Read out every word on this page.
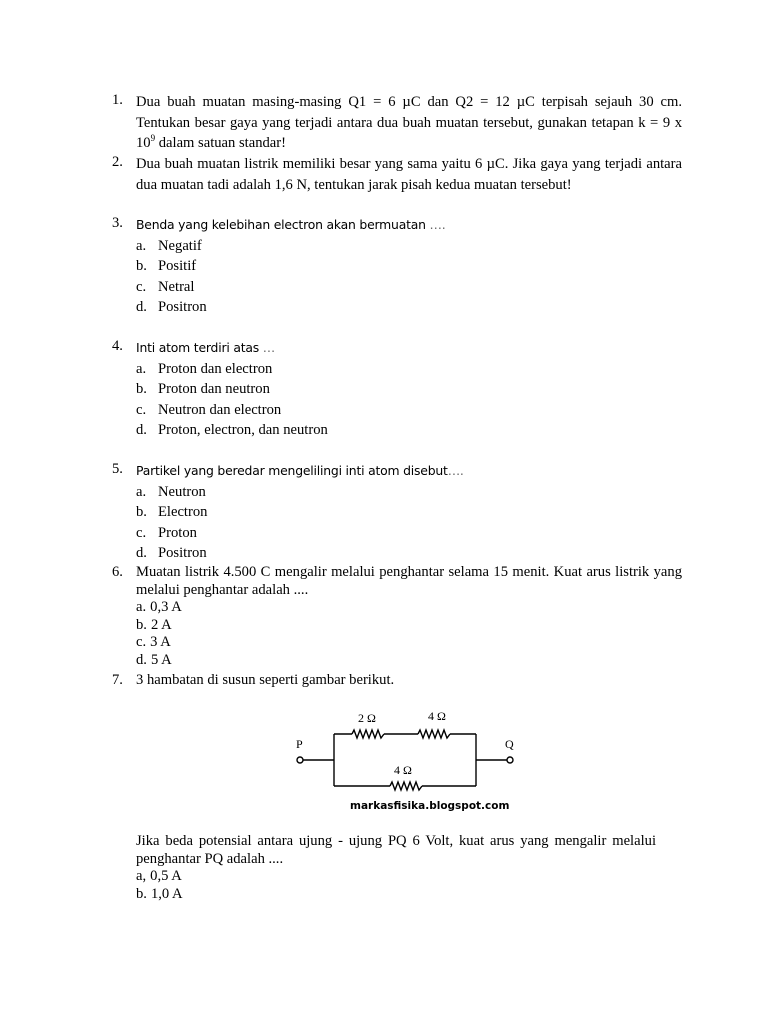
1. Dua buah muatan masing-masing Q1 = 6 µC dan Q2 = 12 µC terpisah sejauh 30 cm. Tentukan besar gaya yang terjadi antara dua buah muatan tersebut, gunakan tetapan k = 9 x $10^9$ dalam satuan standar!
2. Dua buah muatan listrik memiliki besar yang sama yaitu 6 µC. Jika gaya yang terjadi antara dua muatan tadi adalah 1,6 N, tentukan jarak pisah kedua muatan tersebut!
3. Benda yang kelebihan electron akan bermuatan ….
a. Negatif
b. Positif
c. Netral
d. Positron
4. Inti atom terdiri atas …
a. Proton dan electron
b. Proton dan neutron
c. Neutron dan electron
d. Proton, electron, dan neutron
5. Partikel yang beredar mengelilingi inti atom disebut….
a. Neutron
b. Electron
c. Proton
d. Positron
6. Muatan listrik 4.500 C mengalir melalui penghantar selama 15 menit. Kuat arus listrik yang melalui penghantar adalah ....
a. 0,3 A
b. 2 A
c. 3 A
d. 5 A
7. 3 hambatan di susun seperti gambar berikut.
P	Q
2 Ω	4 Ω
4 Ω
markasfisika.blogspot.com
Jika beda potensial antara ujung - ujung PQ 6 Volt, kuat arus yang mengalir melalui penghantar PQ adalah ....
a, 0,5 A
b. 1,0 A
